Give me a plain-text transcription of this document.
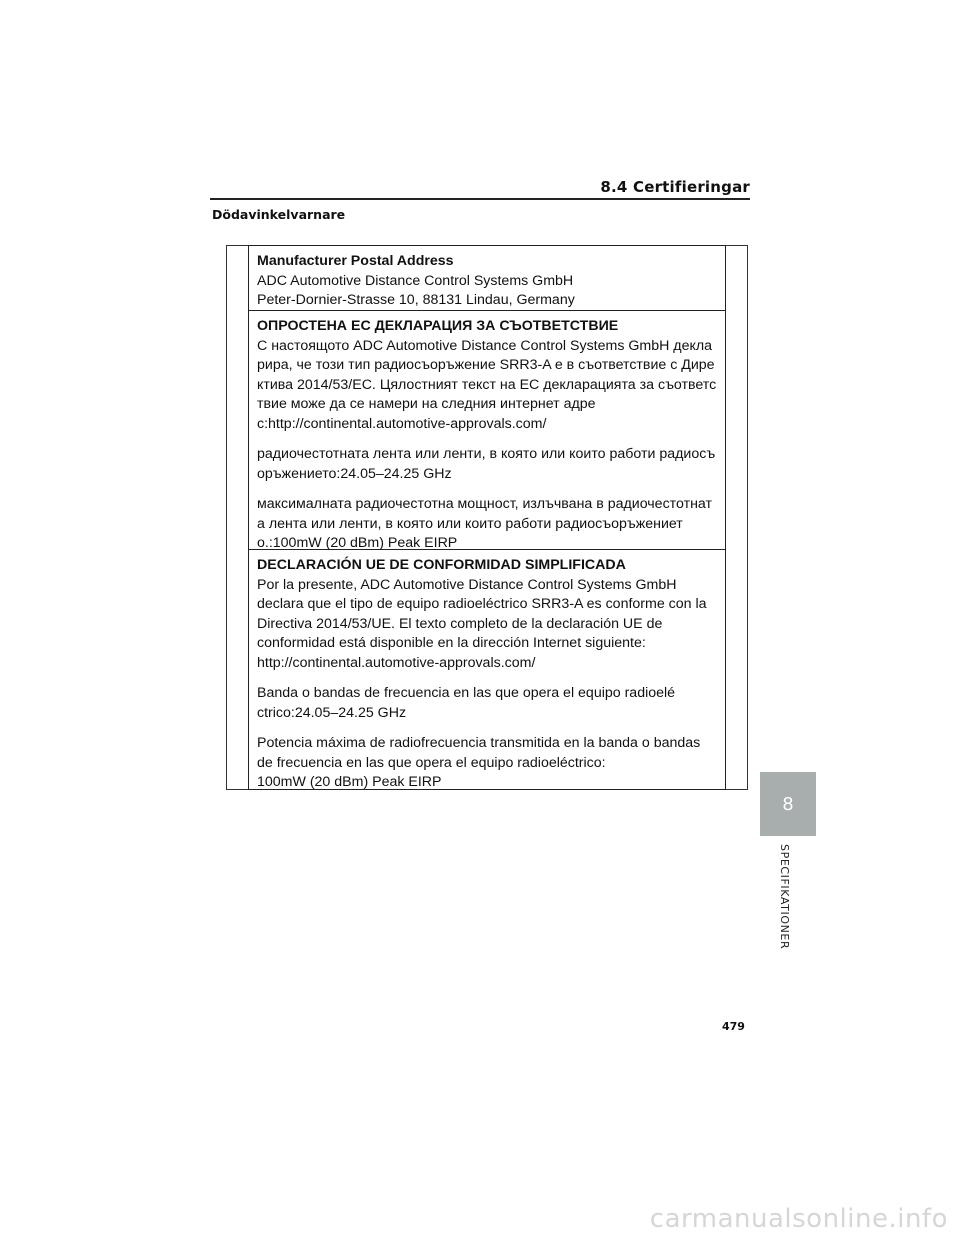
8.4 Certifieringar
Dödavinkelvarnare
Manufacturer Postal Address
ADC Automotive Distance Control Systems GmbH
Peter-Dornier-Strasse 10, 88131 Lindau, Germany
ОПРОСТЕНА ЕС ДЕКЛАРАЦИЯ ЗА СЪОТВЕТСТВИЕ
С настоящото ADC Automotive Distance Control Systems GmbH декла
рира, че този тип радиосъоръжение SRR3-A е в съответствие с Дире
ктива 2014/53/ЕС. Цялостният текст на ЕС декларацията за съответс
твие може да се намери на следния интернет адре
с:http://continental.automotive-approvals.com/
радиочестотната лента или ленти, в която или които работи радиосъ
оръжението:24.05–24.25 GHz
максималната радиочестотна мощност, излъчвана в радиочестотнат
а лента или ленти, в която или които работи радиосъоръжениет
о.:100mW (20 dBm) Peak EIRP
DECLARACIÓN UE DE CONFORMIDAD SIMPLIFICADA
Por la presente, ADC Automotive Distance Control Systems GmbH
declara que el tipo de equipo radioeléctrico SRR3-A es conforme con la
Directiva 2014/53/UE. El texto completo de la declaración UE de
conformidad está disponible en la dirección Internet siguiente:
http://continental.automotive-approvals.com/
Banda o bandas de frecuencia en las que opera el equipo radioelé
ctrico:24.05–24.25 GHz
Potencia máxima de radiofrecuencia transmitida en la banda o bandas
de frecuencia en las que opera el equipo radioeléctrico:
100mW (20 dBm) Peak EIRP
8
SPECIFIKATIONER
479
carmanualsonline.info
